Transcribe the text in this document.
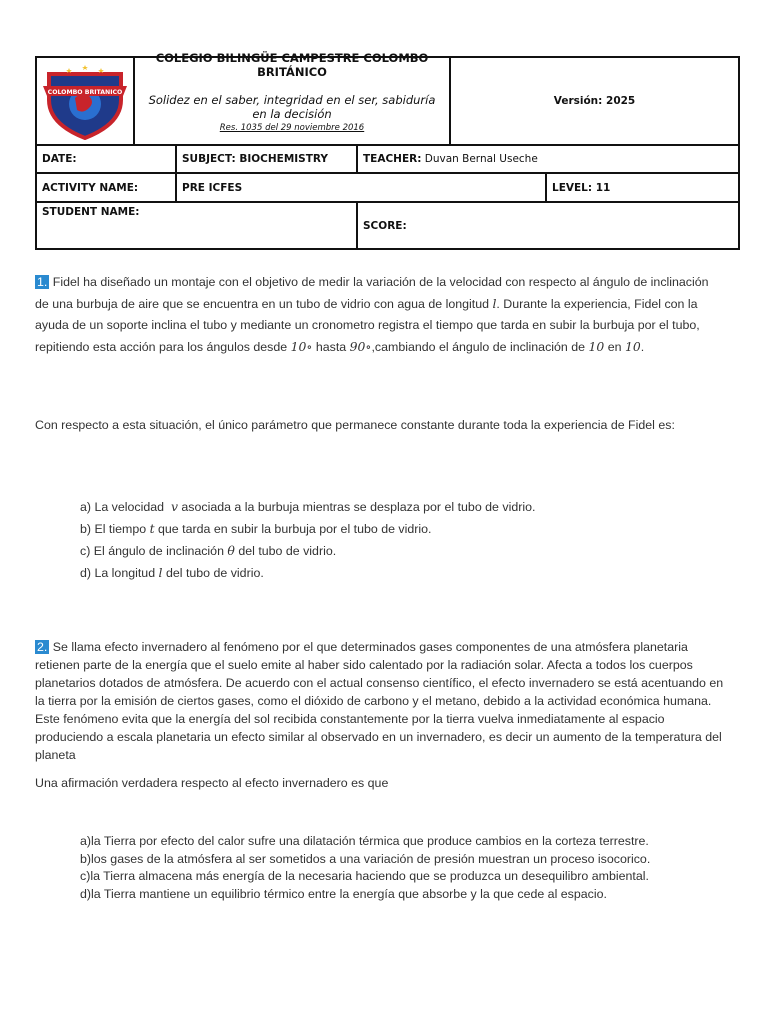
COLOMBO BRITANICO	COLEGIO BILINGÜE CAMPESTRE COLOMBO BRITÁNICO
Solidez en el saber, integridad en el ser, sabiduría en la decisión
Res. 1035 del 29 noviembre 2016			Versión: 2025	
DATE:		SUBJECT: BIOCHEMISTRY	TEACHER: Duvan Bernal Useche		
ACTIVITY NAME:		PRE ICFES			LEVEL: 11
STUDENT NAME:			SCORE:		
1. Fidel ha diseñado un montaje con el objetivo de medir la variación de la velocidad con respecto al ángulo de inclinación de una burbuja de aire que se encuentra en un tubo de vidrio con agua de longitud l. Durante la experiencia, Fidel con la ayuda de un soporte inclina el tubo y mediante un cronometro registra el tiempo que tarda en subir la burbuja por el tubo, repitiendo esta acción para los ángulos desde 10∘ hasta 90∘,cambiando el ángulo de inclinación de 10 en 10.
Con respecto a esta situación, el único parámetro que permanece constante durante toda la experiencia de Fidel es:
a) La velocidad v asociada a la burbuja mientras se desplaza por el tubo de vidrio.
b) El tiempo t que tarda en subir la burbuja por el tubo de vidrio.
c) El ángulo de inclinación θ del tubo de vidrio.
d) La longitud l del tubo de vidrio.
2. Se llama efecto invernadero al fenómeno por el que determinados gases componentes de una atmósfera planetaria retienen parte de la energía que el suelo emite al haber sido calentado por la radiación solar. Afecta a todos los cuerpos planetarios dotados de atmósfera. De acuerdo con el actual consenso científico, el efecto invernadero se está acentuando en la tierra por la emisión de ciertos gases, como el dióxido de carbono y el metano, debido a la actividad económica humana. Este fenómeno evita que la energía del sol recibida constantemente por la tierra vuelva inmediatamente al espacio produciendo a escala planetaria un efecto similar al observado en un invernadero, es decir un aumento de la temperatura del planeta
Una afirmación verdadera respecto al efecto invernadero es que
a)la Tierra por efecto del calor sufre una dilatación térmica que produce cambios en la corteza terrestre.
b)los gases de la atmósfera al ser sometidos a una variación de presión muestran un proceso isocorico.
c)la Tierra almacena más energía de la necesaria haciendo que se produzca un desequilibro ambiental.
d)la Tierra mantiene un equilibrio térmico entre la energía que absorbe y la que cede al espacio.
